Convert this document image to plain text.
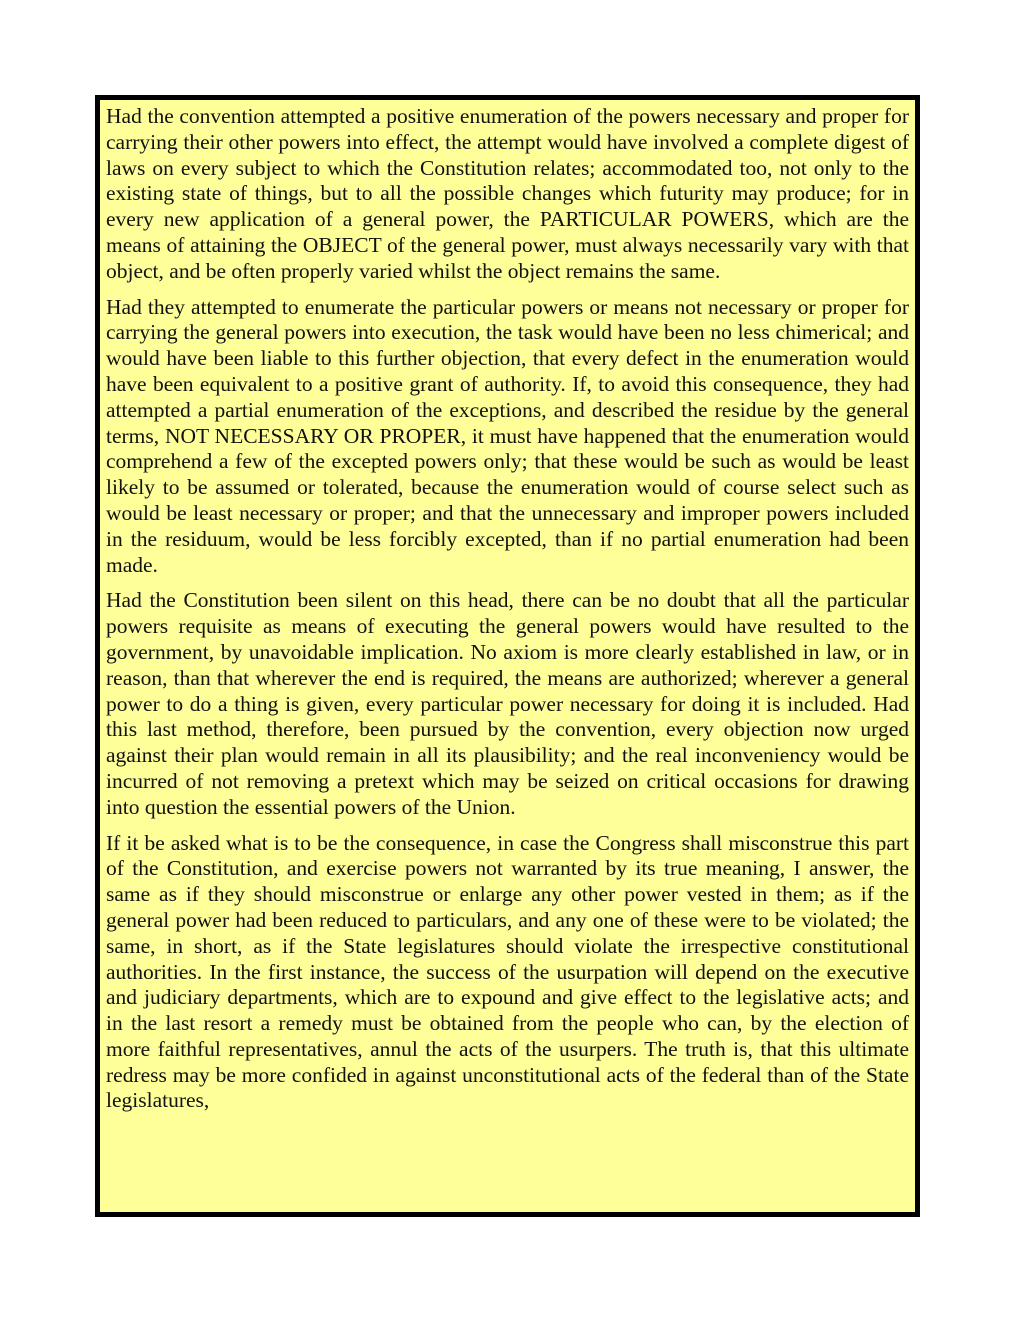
Had the convention attempted a positive enumeration of the powers necessary and proper for carrying their other powers into effect, the attempt would have involved a complete digest of laws on every subject to which the Constitution relates; accommodated too, not only to the existing state of things, but to all the possible changes which futurity may produce; for in every new application of a general power, the PARTICULAR POWERS, which are the means of attaining the OBJECT of the general power, must always necessarily vary with that object, and be often properly varied whilst the object remains the same.

Had they attempted to enumerate the particular powers or means not necessary or proper for carrying the general powers into execution, the task would have been no less chimerical; and would have been liable to this further objection, that every defect in the enumeration would have been equivalent to a positive grant of authority. If, to avoid this consequence, they had attempted a partial enumeration of the exceptions, and described the residue by the general terms, NOT NECESSARY OR PROPER, it must have happened that the enumeration would comprehend a few of the excepted powers only; that these would be such as would be least likely to be assumed or tolerated, because the enumeration would of course select such as would be least necessary or proper; and that the unnecessary and improper powers included in the residuum, would be less forcibly excepted, than if no partial enumeration had been made.

Had the Constitution been silent on this head, there can be no doubt that all the particular powers requisite as means of executing the general powers would have resulted to the government, by unavoidable implication. No axiom is more clearly established in law, or in reason, than that wherever the end is required, the means are authorized; wherever a general power to do a thing is given, every particular power necessary for doing it is included. Had this last method, therefore, been pursued by the convention, every objection now urged against their plan would remain in all its plausibility; and the real inconveniency would be incurred of not removing a pretext which may be seized on critical occasions for drawing into question the essential powers of the Union.

If it be asked what is to be the consequence, in case the Congress shall misconstrue this part of the Constitution, and exercise powers not warranted by its true meaning, I answer, the same as if they should misconstrue or enlarge any other power vested in them; as if the general power had been reduced to particulars, and any one of these were to be violated; the same, in short, as if the State legislatures should violate the irrespective constitutional authorities. In the first instance, the success of the usurpation will depend on the executive and judiciary departments, which are to expound and give effect to the legislative acts; and in the last resort a remedy must be obtained from the people who can, by the election of more faithful representatives, annul the acts of the usurpers. The truth is, that this ultimate redress may be more confided in against unconstitutional acts of the federal than of the State legislatures,
